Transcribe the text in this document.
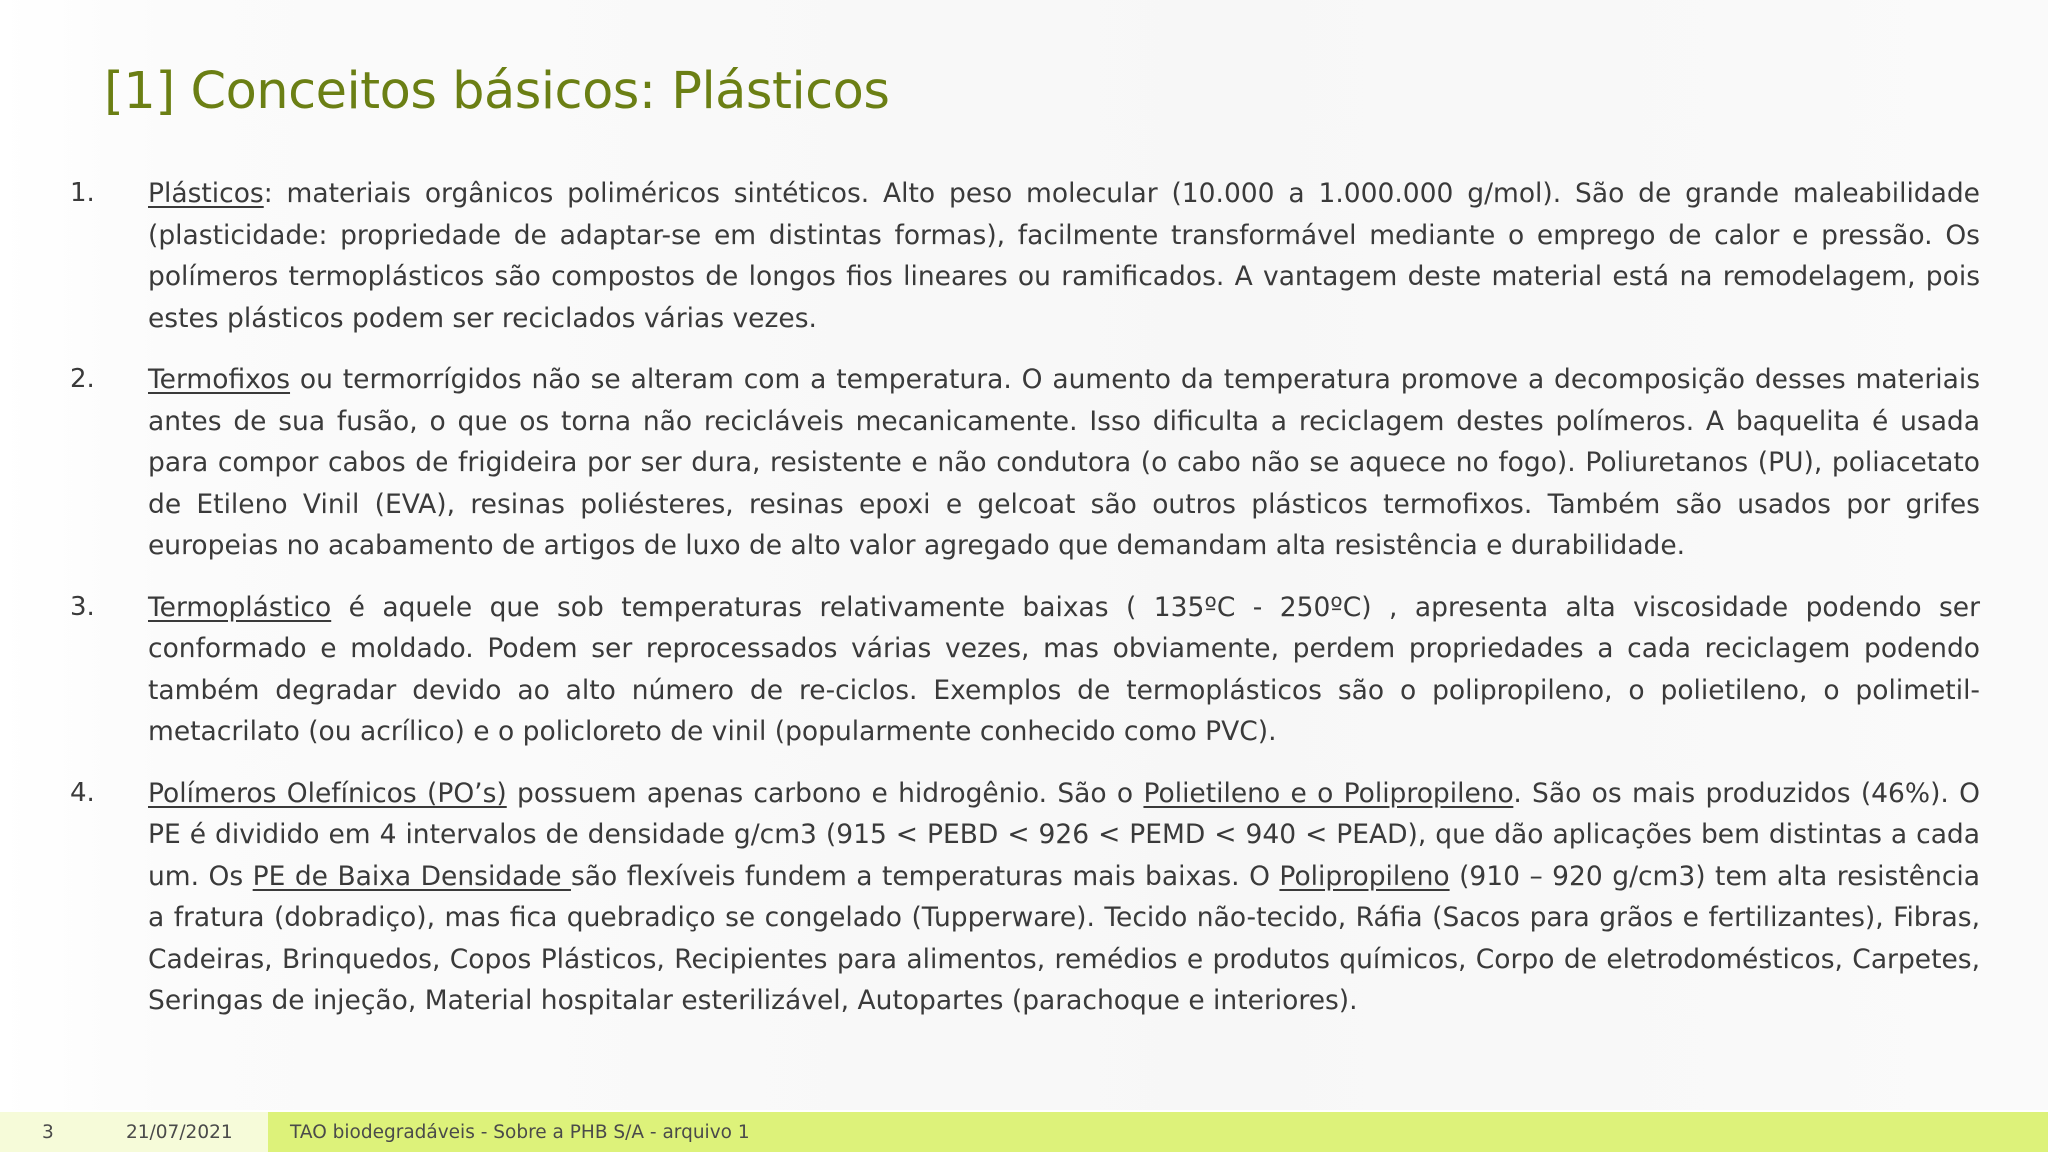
[1] Conceitos básicos: Plásticos
1.	Plásticos: materiais orgânicos poliméricos sintéticos. Alto peso molecular (10.000 a 1.000.000 g/mol). São de grande maleabilidade (plasticidade: propriedade de adaptar-se em distintas formas), facilmente transformável mediante o emprego de calor e pressão. Os polímeros termoplásticos são compostos de longos fios lineares ou ramificados. A vantagem deste material está na remodelagem, pois estes plásticos podem ser reciclados várias vezes.
2.	Termofixos ou termorrígidos não se alteram com a temperatura. O aumento da temperatura promove a decomposição desses materiais antes de sua fusão, o que os torna não recicláveis mecanicamente. Isso dificulta a reciclagem destes polímeros. A baquelita é usada para compor cabos de frigideira por ser dura, resistente e não condutora (o cabo não se aquece no fogo). Poliuretanos (PU), poliacetato de Etileno Vinil (EVA), resinas poliésteres, resinas epoxi e gelcoat são outros plásticos termofixos. Também são usados por grifes europeias no acabamento de artigos de luxo de alto valor agregado que demandam alta resistência e durabilidade.
3.	Termoplástico é aquele que sob temperaturas relativamente baixas ( 135ºC - 250ºC) , apresenta alta viscosidade podendo ser conformado e moldado. Podem ser reprocessados várias vezes, mas obviamente, perdem propriedades a cada reciclagem podendo também degradar devido ao alto número de re-ciclos. Exemplos de termoplásticos são o polipropileno, o polietileno, o polimetil-metacrilato (ou acrílico) e o policloreto de vinil (popularmente conhecido como PVC).
4.	Polímeros Olefínicos (PO’s) possuem apenas carbono e hidrogênio. São o Polietileno e o Polipropileno. São os mais produzidos (46%). O PE é dividido em 4 intervalos de densidade g/cm3 (915 < PEBD < 926 < PEMD < 940 < PEAD), que dão aplicações bem distintas a cada um. Os PE de Baixa Densidade são flexíveis fundem a temperaturas mais baixas. O Polipropileno (910 – 920 g/cm3) tem alta resistência a fratura (dobradiço), mas fica quebradiço se congelado (Tupperware). Tecido não-tecido, Ráfia (Sacos para grãos e fertilizantes), Fibras, Cadeiras, Brinquedos, Copos Plásticos, Recipientes para alimentos, remédios e produtos químicos, Corpo de eletrodomésticos, Carpetes, Seringas de injeção, Material hospitalar esterilizável, Autopartes (parachoque e interiores).
3	21/07/2021	TAO biodegradáveis - Sobre a PHB S/A - arquivo 1
